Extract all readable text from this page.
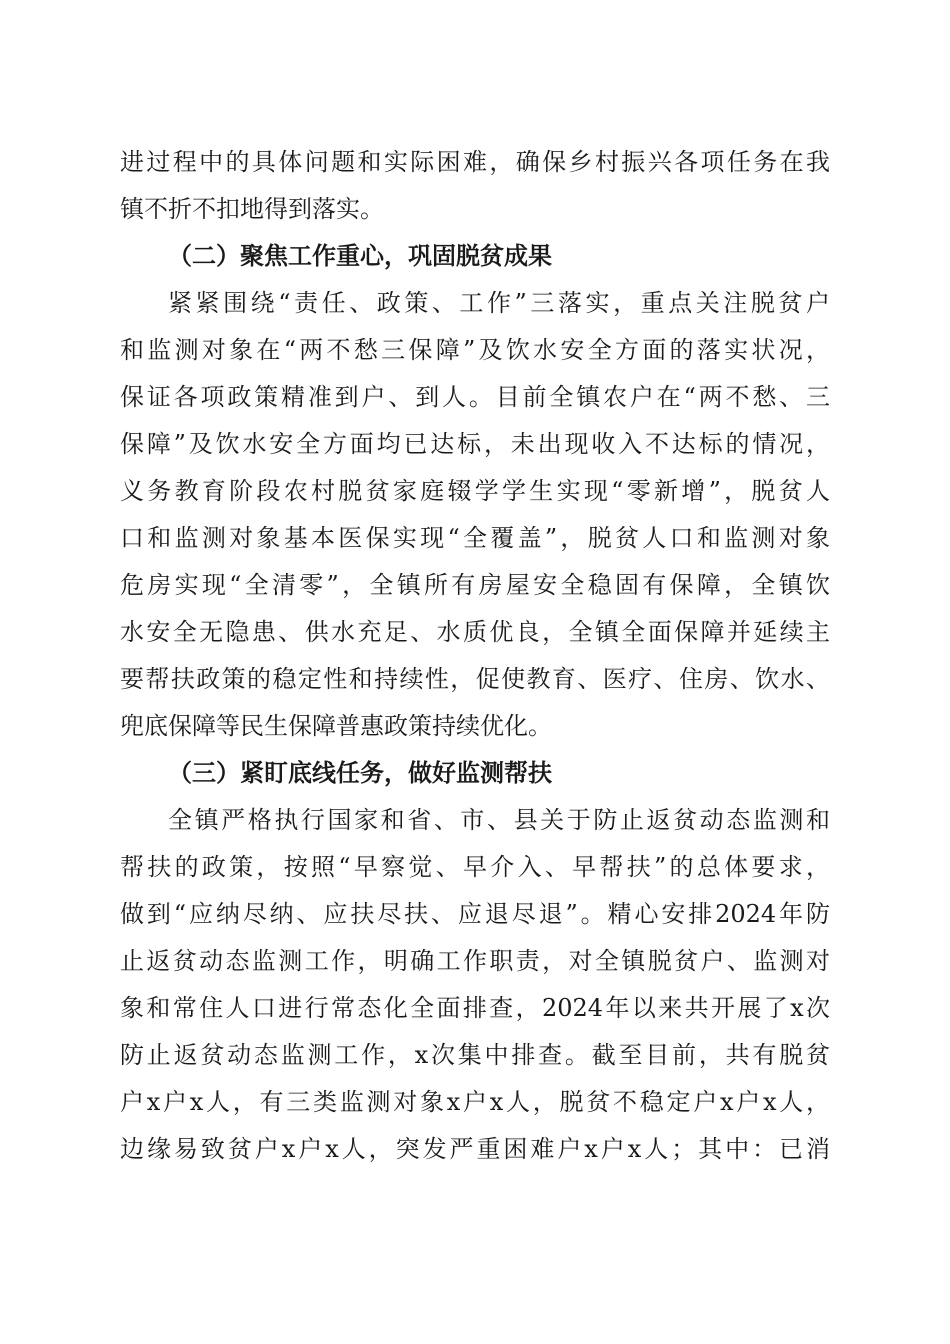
进过程中的具体问题和实际困难，确保乡村振兴各项任务在我
镇不折不扣地得到落实。
（二）聚焦工作重心，巩固脱贫成果
紧紧围绕“责任、政策、工作”三落实，重点关注脱贫户
和监测对象在“两不愁三保障”及饮水安全方面的落实状况，
保证各项政策精准到户、到人。目前全镇农户在“两不愁、三
保障”及饮水安全方面均已达标，未出现收入不达标的情况，
义务教育阶段农村脱贫家庭辍学学生实现“零新增”，脱贫人
口和监测对象基本医保实现“全覆盖”，脱贫人口和监测对象
危房实现“全清零”，全镇所有房屋安全稳固有保障，全镇饮
水安全无隐患、供水充足、水质优良，全镇全面保障并延续主
要帮扶政策的稳定性和持续性，促使教育、医疗、住房、饮水、
兜底保障等民生保障普惠政策持续优化。
（三）紧盯底线任务，做好监测帮扶
全镇严格执行国家和省、市、县关于防止返贫动态监测和
帮扶的政策，按照“早察觉、早介入、早帮扶”的总体要求，
做到“应纳尽纳、应扶尽扶、应退尽退”。精心安排2024年防
止返贫动态监测工作，明确工作职责，对全镇脱贫户、监测对
象和常住人口进行常态化全面排查，2024年以来共开展了x次
防止返贫动态监测工作，x次集中排查。截至目前，共有脱贫
户x户x人，有三类监测对象x户x人，脱贫不稳定户x户x人，
边缘易致贫户x户x人，突发严重困难户x户x人；其中：已消
